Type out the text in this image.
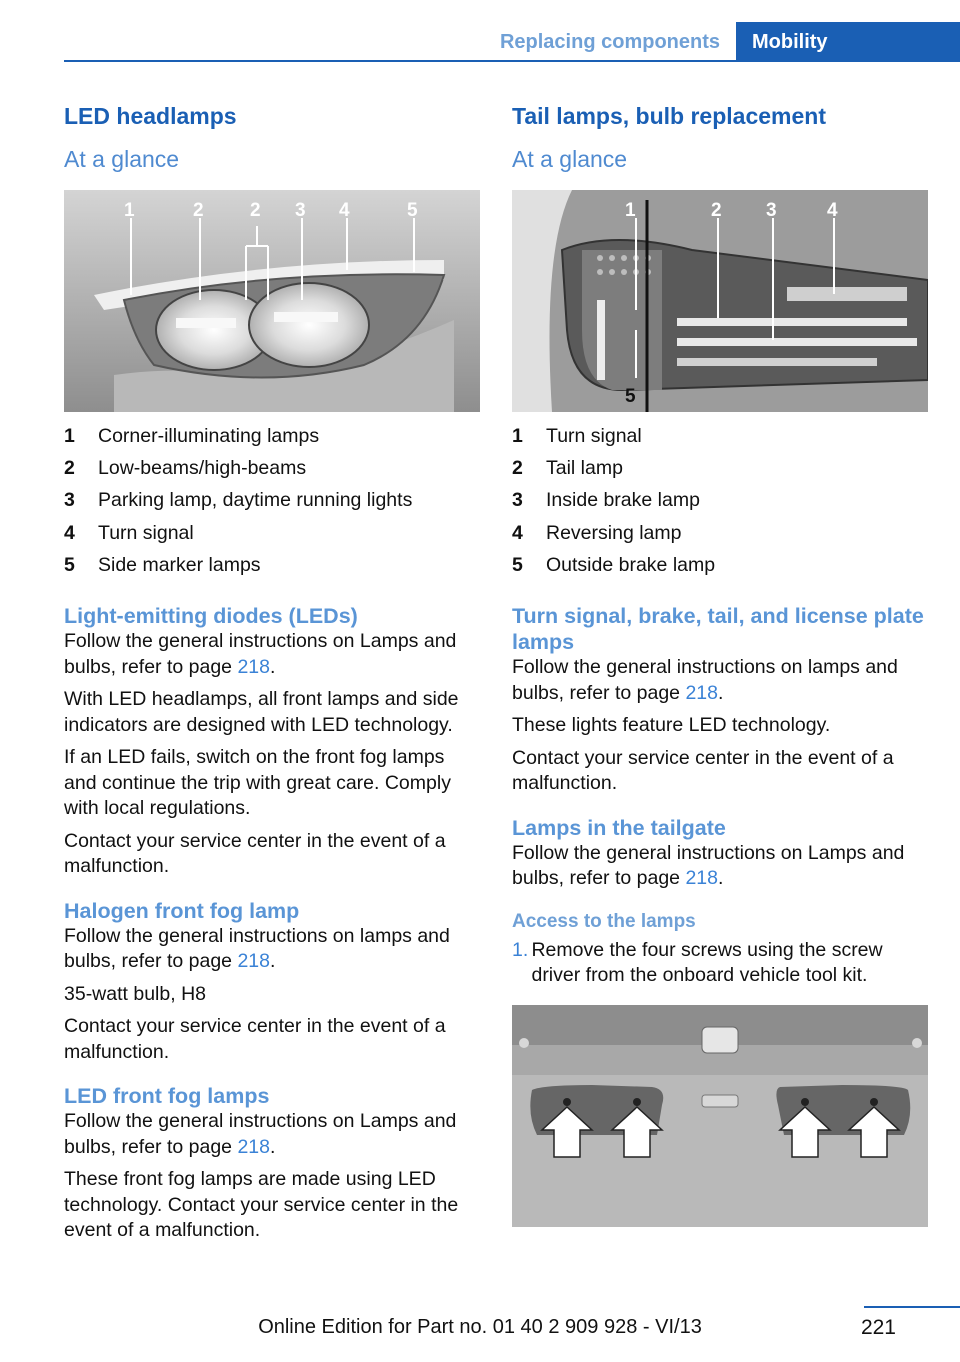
Replacing components	Mobility
LED headlamps
At a glance
1	2 2 3 4	5
1	Corner-illuminating lamps
2	Low-beams/high-beams
3	Parking lamp, daytime running lights
4	Turn signal
5	Side marker lamps
Light-emitting diodes (LEDs)

Follow the general instructions on Lamps and bulbs, refer to page 218.

With LED headlamps, all front lamps and side indicators are designed with LED technology.

If an LED fails, switch on the front fog lamps and continue the trip with great care. Comply with local regulations.

Contact your service center in the event of a malfunction.

Halogen front fog lamp

Follow the general instructions on lamps and bulbs, refer to page 218.

35-watt bulb, H8

Contact your service center in the event of a malfunction.

LED front fog lamps

Follow the general instructions on Lamps and bulbs, refer to page 218.

These front fog lamps are made using LED technology. Contact your service center in the event of a malfunction.

Tail lamps, bulb replacement
At a glance
1	2 3	4
5
1	Turn signal
2	Tail lamp
3	Inside brake lamp
4	Reversing lamp
5	Outside brake lamp
Turn signal, brake, tail, and license plate lamps

Follow the general instructions on lamps and bulbs, refer to page 218.

These lights feature LED technology.

Contact your service center in the event of a malfunction.

Lamps in the tailgate

Follow the general instructions on Lamps and bulbs, refer to page 218.

Access to the lamps
1. Remove the four screws using the screw driver from the onboard vehicle tool kit.
221
Online Edition for Part no. 01 40 2 909 928 - VI/13
